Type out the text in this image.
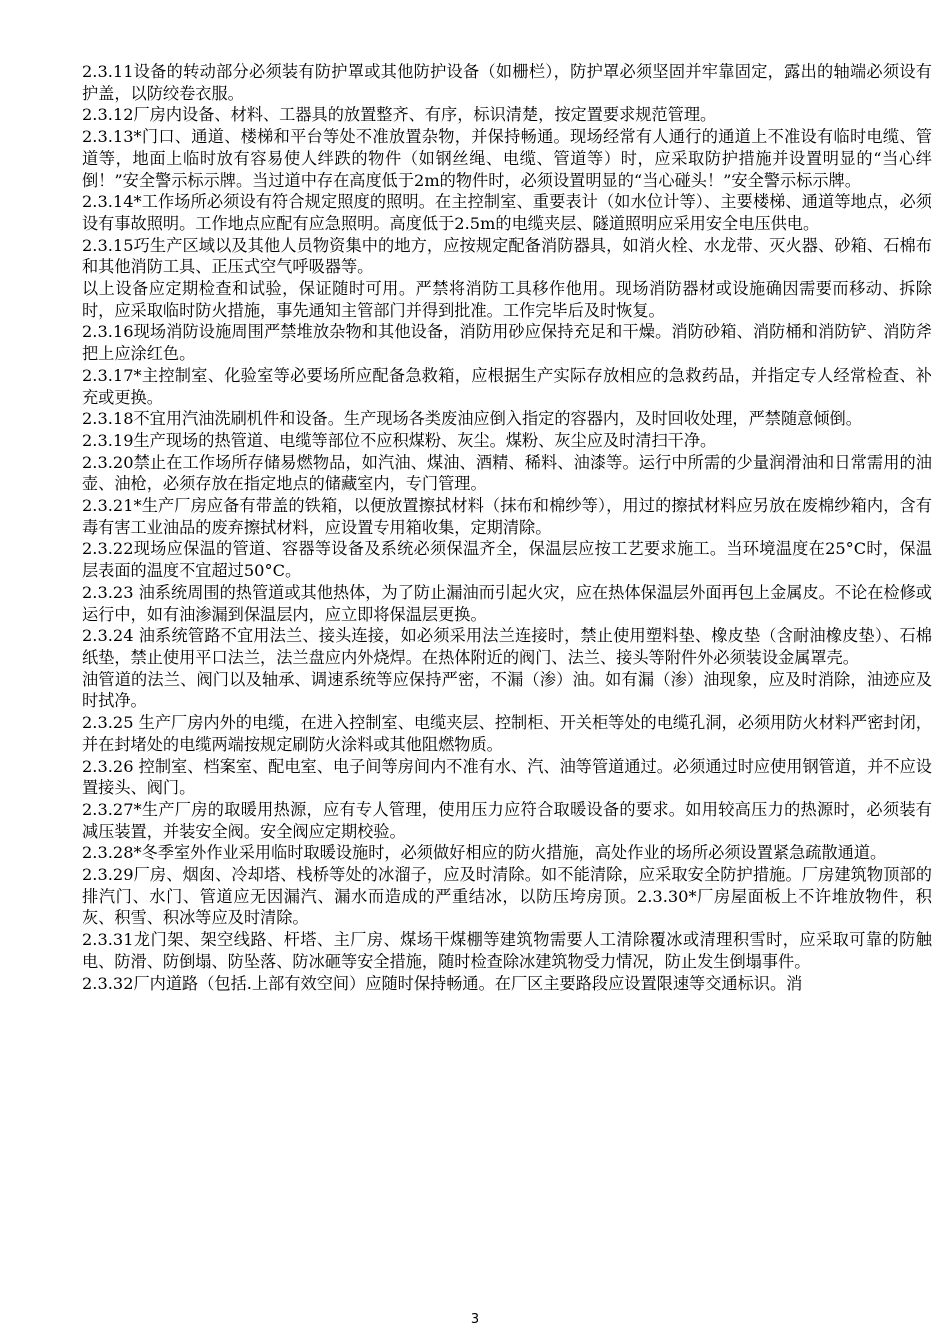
2.3.11设备的转动部分必须装有防护罩或其他防护设备（如栅栏），防护罩必须坚固并牢靠固定，露出的轴端必须设有护盖，以防绞卷衣服。

2.3.12厂房内设备、材料、工器具的放置整齐、有序，标识清楚，按定置要求规范管理。

2.3.13*门口、通道、楼梯和平台等处不准放置杂物，并保持畅通。现场经常有人通行的通道上不准设有临时电缆、管道等，地面上临时放有容易使人绊跌的物件（如钢丝绳、电缆、管道等）时，应采取防护措施并设置明显的“当心绊倒！”安全警示标示牌。当过道中存在高度低于2m的物件时，必须设置明显的“当心碰头！”安全警示标示牌。

2.3.14*工作场所必须设有符合规定照度的照明。在主控制室、重要表计（如水位计等）、主要楼梯、通道等地点，必须设有事故照明。工作地点应配有应急照明。高度低于2.5m的电缆夹层、隧道照明应采用安全电压供电。

2.3.15巧生产区域以及其他人员物资集中的地方，应按规定配备消防器具，如消火栓、水龙带、灭火器、砂箱、石棉布和其他消防工具、正压式空气呼吸器等。

以上设备应定期检查和试验，保证随时可用。严禁将消防工具移作他用。现场消防器材或设施确因需要而移动、拆除时，应采取临时防火措施，事先通知主管部门并得到批准。工作完毕后及时恢复。

2.3.16现场消防设施周围严禁堆放杂物和其他设备，消防用砂应保持充足和干燥。消防砂箱、消防桶和消防铲、消防斧把上应涂红色。

2.3.17*主控制室、化验室等必要场所应配备急救箱，应根据生产实际存放相应的急救药品，并指定专人经常检查、补充或更换。

2.3.18不宜用汽油洗刷机件和设备。生产现场各类废油应倒入指定的容器内，及时回收处理，严禁随意倾倒。

2.3.19生产现场的热管道、电缆等部位不应积煤粉、灰尘。煤粉、灰尘应及时清扫干净。

2.3.20禁止在工作场所存储易燃物品，如汽油、煤油、酒精、稀料、油漆等。运行中所需的少量润滑油和日常需用的油壶、油枪，必须存放在指定地点的储藏室内，专门管理。

2.3.21*生产厂房应备有带盖的铁箱，以便放置擦拭材料（抹布和棉纱等），用过的擦拭材料应另放在废棉纱箱内，含有毒有害工业油品的废弃擦拭材料，应设置专用箱收集，定期清除。

2.3.22现场应保温的管道、容器等设备及系统必须保温齐全，保温层应按工艺要求施工。当环境温度在25°C时，保温层表面的温度不宜超过50°C。

2.3.23 油系统周围的热管道或其他热体，为了防止漏油而引起火灾，应在热体保温层外面再包上金属皮。不论在检修或运行中，如有油渗漏到保温层内，应立即将保温层更换。

2.3.24 油系统管路不宜用法兰、接头连接，如必须采用法兰连接时，禁止使用塑料垫、橡皮垫（含耐油橡皮垫）、石棉纸垫，禁止使用平口法兰，法兰盘应内外烧焊。在热体附近的阀门、法兰、接头等附件外必须装设金属罩壳。

油管道的法兰、阀门以及轴承、调速系统等应保持严密，不漏（渗）油。如有漏（渗）油现象，应及时消除，油迹应及时拭净。

2.3.25 生产厂房内外的电缆，在进入控制室、电缆夹层、控制柜、开关柜等处的电缆孔洞，必须用防火材料严密封闭，并在封堵处的电缆两端按规定刷防火涂料或其他阻燃物质。

2.3.26 控制室、档案室、配电室、电子间等房间内不准有水、汽、油等管道通过。必须通过时应使用钢管道，并不应设置接头、阀门。

2.3.27*生产厂房的取暖用热源，应有专人管理，使用压力应符合取暖设备的要求。如用较高压力的热源时，必须装有减压装置，并装安全阀。安全阀应定期校验。

2.3.28*冬季室外作业采用临时取暖设施时，必须做好相应的防火措施，高处作业的场所必须设置紧急疏散通道。

2.3.29厂房、烟囱、冷却塔、栈桥等处的冰溜子，应及时清除。如不能清除，应采取安全防护措施。厂房建筑物顶部的排汽门、水门、管道应无因漏汽、漏水而造成的严重结冰，以防压垮房顶。2.3.30*厂房屋面板上不许堆放物件，积灰、积雪、积冰等应及时清除。

2.3.31龙门架、架空线路、杆塔、主厂房、煤场干煤棚等建筑物需要人工清除覆冰或清理积雪时，应采取可靠的防触电、防滑、防倒塌、防坠落、防冰砸等安全措施，随时检查除冰建筑物受力情况，防止发生倒塌事件。

2.3.32厂内道路（包括.上部有效空间）应随时保持畅通。在厂区主要路段应设置限速等交通标识。消

3
